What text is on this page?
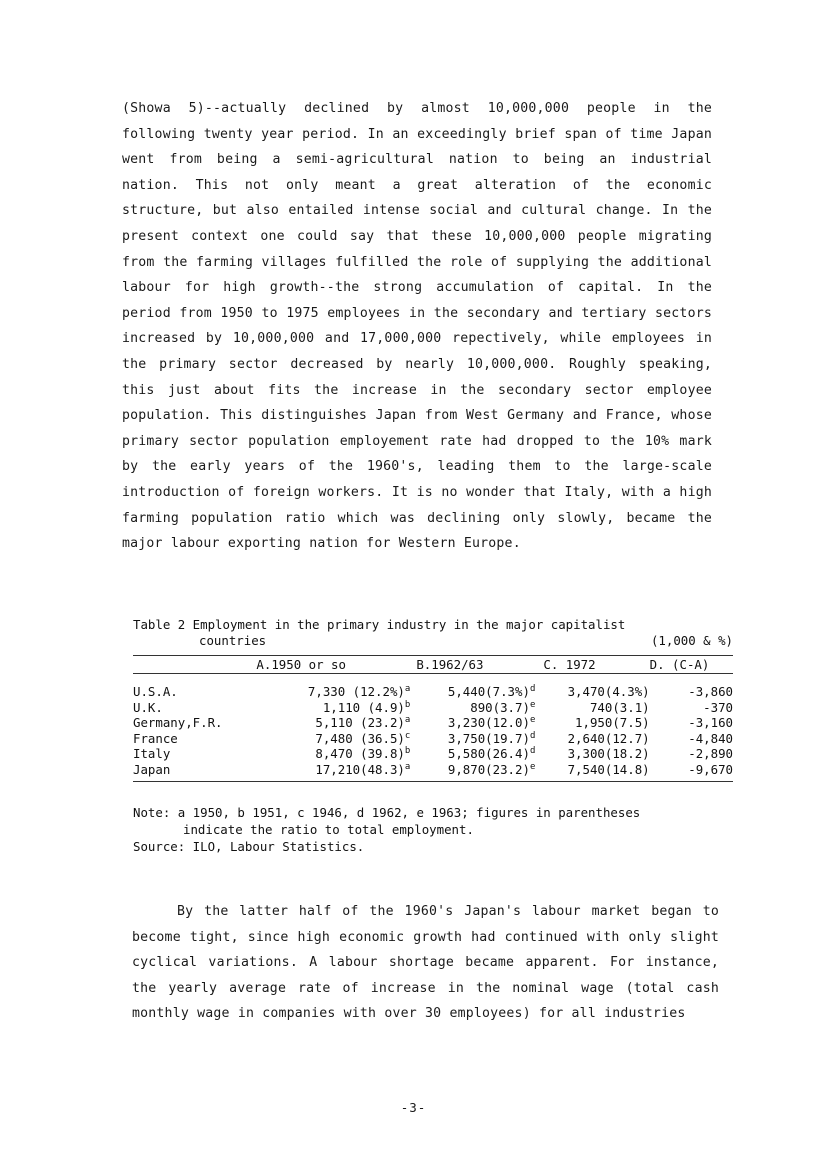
(Showa 5)--actually declined by almost 10,000,000 people in the following twenty year period. In an exceedingly brief span of time Japan went from being a semi-agricultural nation to being an industrial nation. This not only meant a great alteration of the economic structure, but also entailed intense social and cultural change. In the present context one could say that these 10,000,000 people migrating from the farming villages fulfilled the role of supplying the additional labour for high growth--the strong accumulation of capital. In the period from 1950 to 1975 employees in the secondary and tertiary sectors increased by 10,000,000 and 17,000,000 repectively, while employees in the primary sector decreased by nearly 10,000,000. Roughly speaking, this just about fits the increase in the secondary sector employee population. This distinguishes Japan from West Germany and France, whose primary sector population employement rate had dropped to the 10% mark by the early years of the 1960's, leading them to the large-scale introduction of foreign workers. It is no wonder that Italy, with a high farming population ratio which was declining only slowly, became the major labour exporting nation for Western Europe.

Table 2 Employment in the primary industry in the major capitalist
countries	(1,000 & %)
	A.1950 or so	B.1962/63	C. 1972	D. (C-A)
U.S.A.	7,330 $(12.2\%)^a$	$5,440(7.3\%)^d$	3,470(4.3%)	-3,860
U.K.	1,110 $(4.9)^b$	$890(3.7)^e$	740(3.1)	-370
Germany,F.R.	5,110 $(23.2)^a$	$3,230(12.0)^e$	1,950(7.5)	-3,160
France	7,480 $(36.5)^c$	$3,750(19.7)^d$	2,640(12.7)	-4,840
Italy	8,470 $(39.8)^b$	$5,580(26.4)^d$	3,300(18.2)	-2,890
Japan	$17,210(48.3)^a$	$9,870(23.2)^e$	7,540(14.8)	-9,670
Note: a 1950, b 1951, c 1946, d 1962, e 1963; figures in parentheses

indicate the ratio to total employment.
Source: ILO, Labour Statistics.

By the latter half of the 1960's Japan's labour market began to become tight, since high economic growth had continued with only slight cyclical variations. A labour shortage became apparent. For instance, the yearly average rate of increase in the nominal wage (total cash monthly wage in companies with over 30 employees) for all industries

-3-
